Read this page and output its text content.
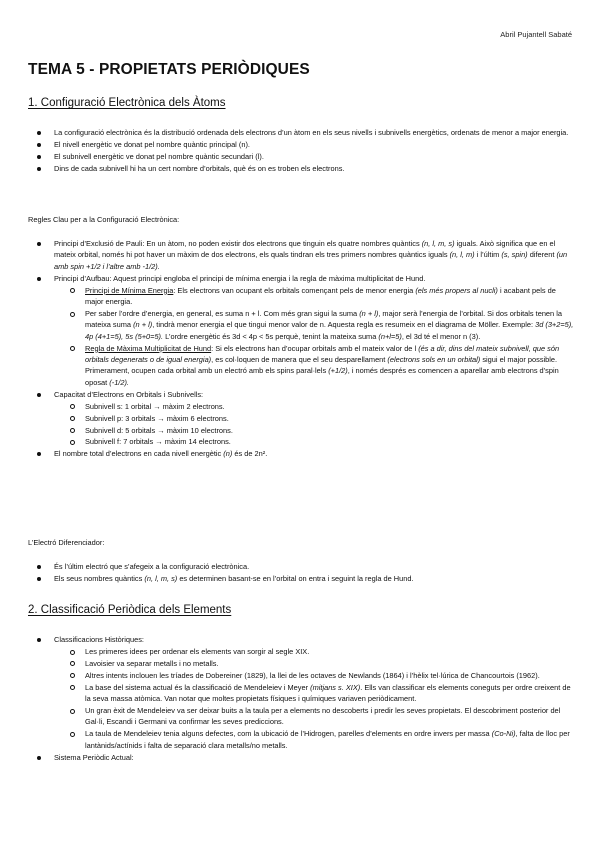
Abril Pujantell Sabaté
TEMA 5 - PROPIETATS PERIÒDIQUES
1. Configuració Electrònica dels Àtoms
La configuració electrònica és la distribució ordenada dels electrons d’un àtom en els seus nivells i subnivells energètics, ordenats de menor a major energia.
El nivell energètic ve donat pel nombre quàntic principal (n).
El subnivell energètic ve donat pel nombre quàntic secundari (l).
Dins de cada subnivell hi ha un cert nombre d’orbitals, què és on es troben els electrons.
Regles Clau per a la Configuració Electrònica:
Principi d’Exclusió de Pauli: En un àtom, no poden existir dos electrons que tinguin els quatre nombres quàntics (n, l, m, s) iguals. Això significa que en el mateix orbital, només hi pot haver un màxim de dos electrons, els quals tindran els tres primers nombres quàntics iguals (n, l, m) i l’últim (s, spin) diferent (un amb spin +1/2 i l’altre amb -1/2).
Principi d’Aufbau: Aquest principi engloba el principi de mínima energia i la regla de màxima multiplicitat de Hund.
Principi de Mínima Energia: Els electrons van ocupant els orbitals començant pels de menor energia (els més propers al nucli) i acabant pels de major energia.
Per saber l’ordre d’energia, en general, es suma n + l. Com més gran sigui la suma (n + l), major serà l’energia de l’orbital. Si dos orbitals tenen la mateixa suma (n + l), tindrà menor energia el que tingui menor valor de n. Aquesta regla es resumeix en el diagrama de Möller. Exemple: 3d (3+2=5), 4p (4+1=5), 5s (5+0=5). L’ordre energètic és 3d < 4p < 5s perquè, tenint la mateixa suma (n+l=5), el 3d té el menor n (3).
Regla de Màxima Multiplicitat de Hund: Si els electrons han d’ocupar orbitals amb el mateix valor de l (és a dir, dins del mateix subnivell, que són orbitals degenerats o de igual energia), es col·loquen de manera que el seu desparellament (electrons sols en un orbital) sigui el major possible. Primerament, ocupen cada orbital amb un electró amb els spins paral·lels (+1/2), i només després es comencen a aparellar amb electrons d’spin oposat (-1/2).
Capacitat d’Electrons en Orbitals i Subnivells:
Subnivell s: 1 orbital → màxim 2 electrons.
Subnivell p: 3 orbitals → màxim 6 electrons.
Subnivell d: 5 orbitals → màxim 10 electrons.
Subnivell f: 7 orbitals → màxim 14 electrons.
El nombre total d’electrons en cada nivell energètic (n) és de 2n².
L’Electró Diferenciador:
És l’últim electró que s’afegeix a la configuració electrònica.
Els seus nombres quàntics (n, l, m, s) es determinen basant-se en l’orbital on entra i seguint la regla de Hund.
2. Classificació Periòdica dels Elements
Classificacions Històriques:
Les primeres idees per ordenar els elements van sorgir al segle XIX.
Lavoisier va separar metalls i no metalls.
Altres intents inclouen les tríades de Dobereiner (1829), la llei de les octaves de Newlands (1864) i l’hèlix tel·lúrica de Chancourtois (1962).
La base del sistema actual és la classificació de Mendeleiev i Meyer (mitjans s. XIX). Ells van classificar els elements coneguts per ordre creixent de la seva massa atòmica. Van notar que moltes propietats físiques i químiques variaven periòdicament.
Un gran èxit de Mendeleiev va ser deixar buits a la taula per a elements no descoberts i predir les seves propietats. El descobriment posterior del Gal·li, Escandi i Germani va confirmar les seves prediccions.
La taula de Mendeleiev tenia alguns defectes, com la ubicació de l’Hidrogen, parelles d’elements en ordre invers per massa (Co-Ni), falta de lloc per lantànids/actínids i falta de separació clara metalls/no metalls.
Sistema Periòdic Actual:
